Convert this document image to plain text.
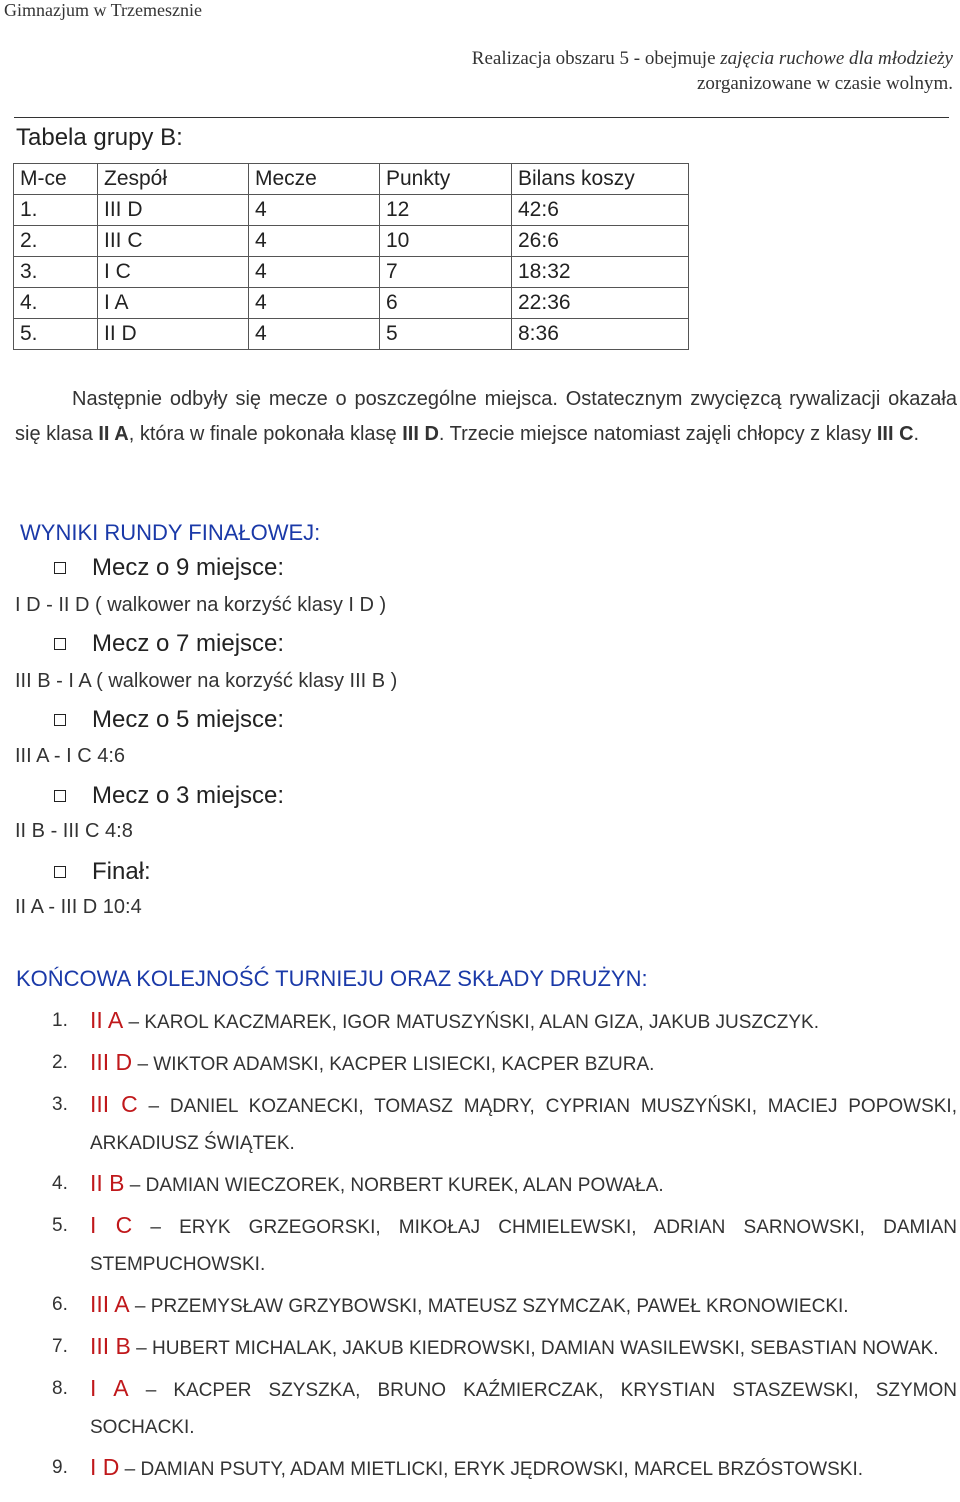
Gimnazjum w Trzemesznie
Realizacja obszaru 5 - obejmuje zajęcia ruchowe dla młodzieży
zorganizowane w czasie wolnym.
Tabela grupy B:
M-ce	Zespół	Mecze	Punkty	Bilans koszy
1.	III D	4	12	42:6
2.	III C	4	10	26:6
3.	I C	4	7	18:32
4.	I A	4	6	22:36
5.	II D	4	5	8:36
Następnie odbyły się mecze o poszczególne miejsca. Ostatecznym zwycięzcą rywalizacji okazała się klasa II A, która w finale pokonała klasę III D. Trzecie miejsce natomiast zajęli chłopcy z klasy III C.
WYNIKI RUNDY FINAŁOWEJ:
Mecz o 9 miejsce:
I D - II D ( walkower na korzyść klasy I D )
Mecz o 7 miejsce:
III B - I A ( walkower na korzyść klasy III B )
Mecz o 5 miejsce:
III A - I C 4:6
Mecz o 3 miejsce:
II B - III C 4:8
Finał:
II A - III D 10:4
KOŃCOWA KOLEJNOŚĆ TURNIEJU ORAZ SKŁADY DRUŻYN:
1. II A – KAROL KACZMAREK, IGOR MATUSZYŃSKI, ALAN GIZA, JAKUB JUSZCZYK.
2. III D – WIKTOR ADAMSKI, KACPER LISIECKI, KACPER BZURA.
3. III C – DANIEL KOZANECKI, TOMASZ MĄDRY, CYPRIAN MUSZYŃSKI, MACIEJ POPOWSKI, ARKADIUSZ ŚWIĄTEK.
4. II B – DAMIAN WIECZOREK, NORBERT KUREK, ALAN POWAŁA.
5. I C – ERYK GRZEGORSKI, MIKOŁAJ CHMIELEWSKI, ADRIAN SARNOWSKI, DAMIAN STEMPUCHOWSKI.
6. III A – PRZEMYSŁAW GRZYBOWSKI, MATEUSZ SZYMCZAK, PAWEŁ KRONOWIECKI.
7. III B – HUBERT MICHALAK, JAKUB KIEDROWSKI, DAMIAN WASILEWSKI, SEBASTIAN NOWAK.
8. I A – KACPER SZYSZKA, BRUNO KAŹMIERCZAK, KRYSTIAN STASZEWSKI, SZYMON SOCHACKI.
9. I D – DAMIAN PSUTY, ADAM MIETLICKI, ERYK JĘDROWSKI, MARCEL BRZÓSTOWSKI.
